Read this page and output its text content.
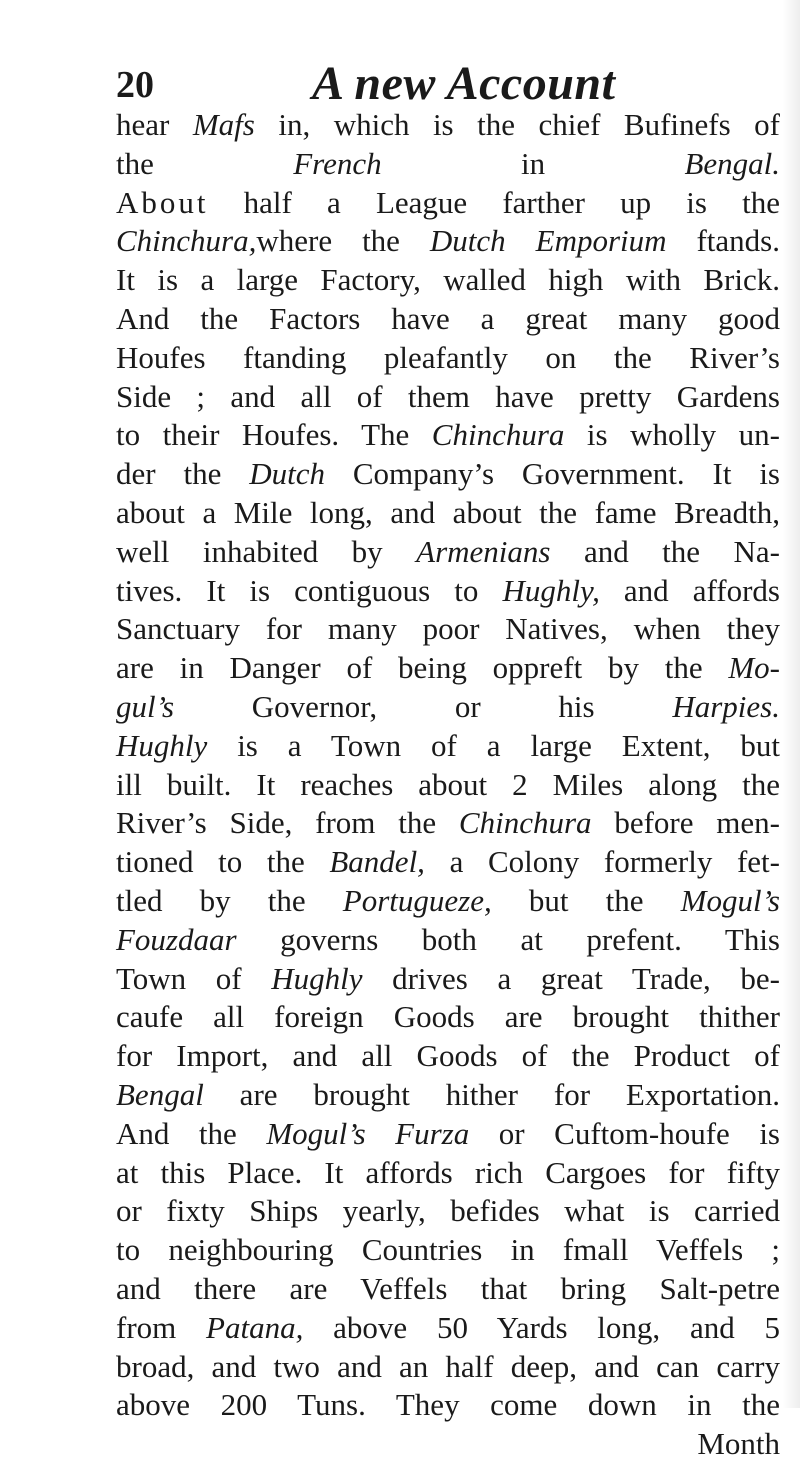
20	A new Account
hear Mafs in, which is the chief Bufinefs of
the French in Bengal.
About half a League farther up is the
Chinchura,where the Dutch Emporium ftands.
It is a large Factory, walled high with Brick.
And the Factors have a great many good
Houfes ftanding pleafantly on the River’s
Side ; and all of them have pretty Gardens
to their Houfes. The Chinchura is wholly un-
der the Dutch Company’s Government. It is
about a Mile long, and about the fame Breadth,
well inhabited by Armenians and the Na-
tives. It is contiguous to Hughly, and affords
Sanctuary for many poor Natives, when they
are in Danger of being oppreft by the Mo-
gul’s Governor, or his Harpies.
Hughly is a Town of a large Extent, but
ill built. It reaches about 2 Miles along the
River’s Side, from the Chinchura before men-
tioned to the Bandel, a Colony formerly fet-
tled by the Portugueze, but the Mogul’s
Fouzdaar governs both at prefent. This
Town of Hughly drives a great Trade, be-
caufe all foreign Goods are brought thither
for Import, and all Goods of the Product of
Bengal are brought hither for Exportation.
And the Mogul’s Furza or Cuftom-houfe is
at this Place. It affords rich Cargoes for fifty
or fixty Ships yearly, befides what is carried
to neighbouring Countries in fmall Veffels ;
and there are Veffels that bring Salt-petre
from Patana, above 50 Yards long, and 5
broad, and two and an half deep, and can carry
above 200 Tuns. They come down in the
Month
